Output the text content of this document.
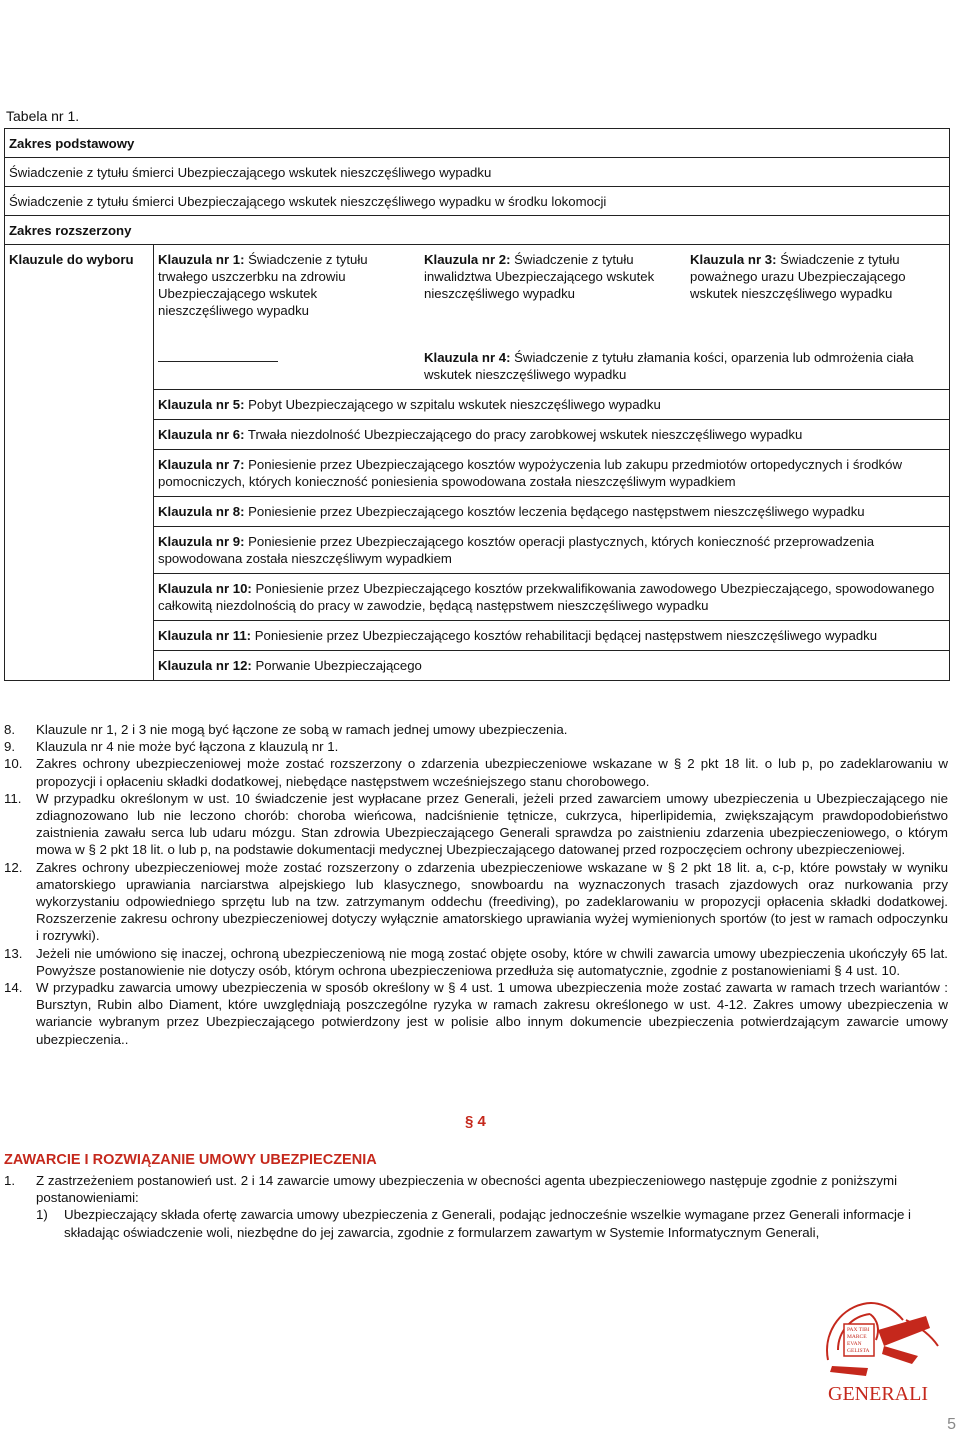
Tabela nr 1.
Zakres podstawowy
Świadczenie z tytułu śmierci Ubezpieczającego wskutek nieszczęśliwego wypadku
Świadczenie z tytułu śmierci Ubezpieczającego wskutek nieszczęśliwego wypadku w środku lokomocji
Zakres rozszerzony
Klauzule do wyboru	Klauzula nr 1: Świadczenie z tytułu trwałego uszczerbku na zdrowiu Ubezpieczającego wskutek nieszczęśliwego wypadku
Klauzula nr 2: Świadczenie z tytułu inwalidztwa Ubezpieczającego wskutek nieszczęśliwego wypadku
Klauzula nr 3: Świadczenie z tytułu poważnego urazu Ubezpieczającego wskutek nieszczęśliwego wypadku
Klauzula nr 4: Świadczenie z tytułu złamania kości, oparzenia lub odmrożenia ciała wskutek nieszczęśliwego wypadku
Klauzula nr 5: Pobyt Ubezpieczającego w szpitalu wskutek nieszczęśliwego wypadku
Klauzula nr 6: Trwała niezdolność Ubezpieczającego do pracy zarobkowej wskutek nieszczęśliwego wypadku
Klauzula nr 7: Poniesienie przez Ubezpieczającego kosztów wypożyczenia lub zakupu przedmiotów ortopedycznych i środków pomocniczych, których konieczność poniesienia spowodowana została nieszczęśliwym wypadkiem
Klauzula nr 8: Poniesienie przez Ubezpieczającego kosztów leczenia będącego następstwem nieszczęśliwego wypadku
Klauzula nr 9: Poniesienie przez Ubezpieczającego kosztów operacji plastycznych, których konieczność przeprowadzenia spowodowana została nieszczęśliwym wypadkiem
Klauzula nr 10: Poniesienie przez Ubezpieczającego kosztów przekwalifikowania zawodowego Ubezpieczającego, spowodowanego całkowitą niezdolnością do pracy w zawodzie, będącą następstwem nieszczęśliwego wypadku
Klauzula nr 11: Poniesienie przez Ubezpieczającego kosztów rehabilitacji będącej następstwem nieszczęśliwego wypadku
Klauzula nr 12: Porwanie Ubezpieczającego
8.	Klauzule nr 1, 2 i 3 nie mogą być łączone ze sobą w ramach jednej umowy ubezpieczenia.
9.	Klauzula nr 4 nie może być łączona z klauzulą nr 1.
10.	Zakres ochrony ubezpieczeniowej może zostać rozszerzony o zdarzenia ubezpieczeniowe wskazane w § 2 pkt 18 lit. o lub p, po zadeklarowaniu w propozycji i opłaceniu składki dodatkowej, niebędące następstwem wcześniejszego stanu chorobowego.
11.	W przypadku określonym w ust. 10 świadczenie jest wypłacane przez Generali, jeżeli przed zawarciem umowy ubezpieczenia u Ubezpieczającego nie zdiagnozowano lub nie leczono chorób: choroba wieńcowa, nadciśnienie tętnicze, cukrzyca, hiperlipidemia, zwiększającym prawdopodobieństwo zaistnienia zawału serca lub udaru mózgu. Stan zdrowia Ubezpieczającego Generali sprawdza po zaistnieniu zdarzenia ubezpieczeniowego, o którym mowa w § 2 pkt 18 lit. o lub p, na podstawie dokumentacji medycznej Ubezpieczającego datowanej przed rozpoczęciem ochrony ubezpieczeniowej.
12.	Zakres ochrony ubezpieczeniowej może zostać rozszerzony o zdarzenia ubezpieczeniowe wskazane w § 2 pkt 18 lit. a, c-p, które powstały w wyniku amatorskiego uprawiania narciarstwa alpejskiego lub klasycznego, snowboardu na wyznaczonych trasach zjazdowych oraz nurkowania przy wykorzystaniu odpowiedniego sprzętu lub na tzw. zatrzymanym oddechu (freediving), po zadeklarowaniu w propozycji opłacenia składki dodatkowej. Rozszerzenie zakresu ochrony ubezpieczeniowej dotyczy wyłącznie amatorskiego uprawiania wyżej wymienionych sportów (to jest w ramach odpoczynku i rozrywki).
13.	Jeżeli nie umówiono się inaczej, ochroną ubezpieczeniową nie mogą zostać objęte osoby, które w chwili zawarcia umowy ubezpieczenia ukończyły 65 lat. Powyższe postanowienie nie dotyczy osób, którym ochrona ubezpieczeniowa przedłuża się automatycznie, zgodnie z postanowieniami § 4 ust. 10.
14.	W przypadku zawarcia umowy ubezpieczenia w sposób określony w § 4 ust. 1 umowa ubezpieczenia może zostać zawarta w ramach trzech wariantów : Bursztyn, Rubin albo Diament, które uwzględniają poszczególne ryzyka w ramach zakresu określonego w ust. 4-12. Zakres umowy ubezpieczenia w wariancie wybranym przez Ubezpieczającego potwierdzony jest w polisie albo innym dokumencie ubezpieczenia potwierdzającym zawarcie umowy ubezpieczenia..
§ 4
ZAWARCIE I ROZWIĄZANIE UMOWY UBEZPIECZENIA
1.	Z zastrzeżeniem postanowień ust. 2 i 14 zawarcie umowy ubezpieczenia w obecności agenta ubezpieczeniowego następuje zgodnie z poniższymi postanowieniami:
1)	Ubezpieczający składa ofertę zawarcia umowy ubezpieczenia z Generali, podając jednocześnie wszelkie wymagane przez Generali informacje i składając oświadczenie woli, niezbędne do jej zawarcia, zgodnie z formularzem zawartym w Systemie Informatycznym Generali,
PAX TIBI
MARCE
EVAN
GELISTA
GENERALI
5
